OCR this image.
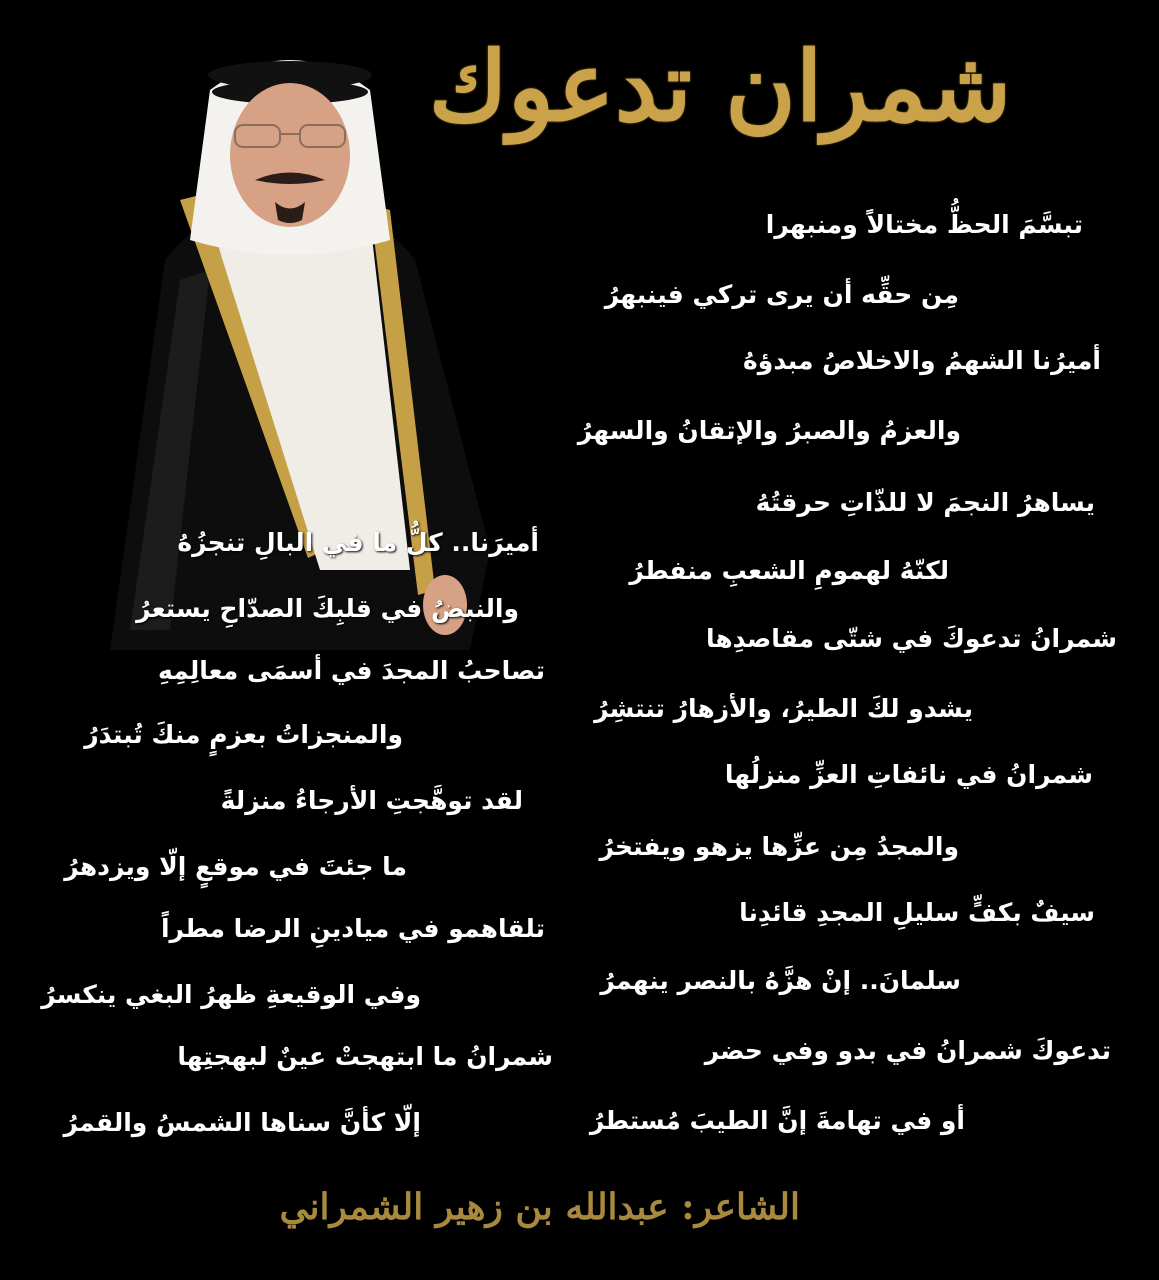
شمران تدعوك
تبسَّمَ الحظُّ مختالاً ومنبهرا
مِن حقِّه أن يرى تركي فينبهرُ
أميرُنا الشهمُ والاخلاصُ مبدؤهُ
والعزمُ والصبرُ والإتقانُ والسهرُ
يساهرُ النجمَ لا للذّاتِ حرقتُهُ
لكنّهُ لهمومِ الشعبِ منفطرُ
شمرانُ تدعوكَ في شتّى مقاصدِها
يشدو لكَ الطيرُ، والأزهارُ تنتشِرُ
شمرانُ في نائفاتِ العزِّ منزلُها
والمجدُ مِن عزِّها يزهو ويفتخرُ
سيفٌ بكفٍّ سليلِ المجدِ قائدِنا
سلمانَ.. إنْ هزَّهُ بالنصر ينهمرُ
تدعوكَ شمرانُ في بدو وفي حضر
أو في تهامةَ إنَّ الطيبَ مُستطرُ
أميرَنا.. كلُّ ما في البالِ تنجزُهُ
والنبضُ في قلبِكَ الصدّاحِ يستعرُ
تصاحبُ المجدَ في أسمَى معالِمِهِ
والمنجزاتُ بعزمٍ منكَ تُبتدَرُ
لقد توهَّجتِ الأرجاءُ منزلةً
ما جئتَ في موقعٍ إلّا ويزدهرُ
تلقاهمو في ميادينِ الرضا مطراً
وفي الوقيعةِ ظهرُ البغي ينكسرُ
شمرانُ ما ابتهجتْ عينٌ لبهجتِها
إلّا كأنَّ سناها الشمسُ والقمرُ
الشاعر: عبدالله بن زهير الشمراني
